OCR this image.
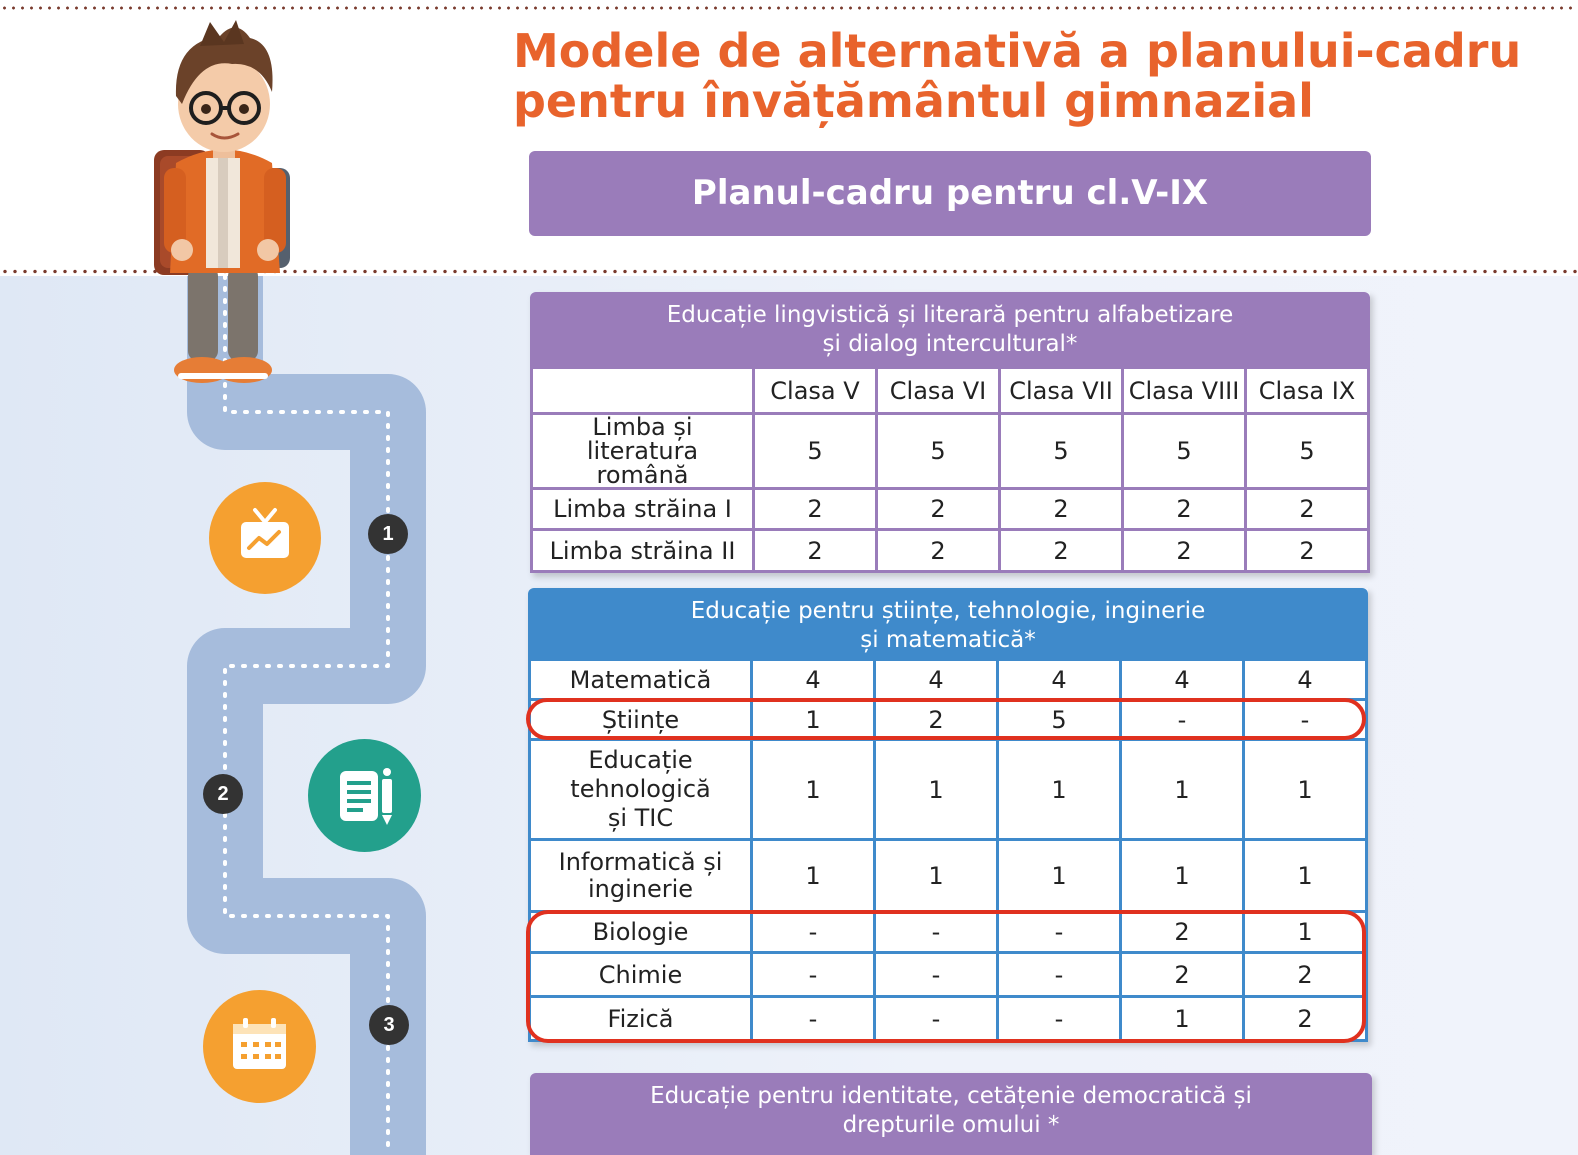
Modele de alternativă a planului-cadru
pentru învățământul gimnazial
Planul-cadru pentru cl.V-IX
1
2
3
Educație lingvistică și literară pentru alfabetizare
și dialog intercultural*
	Clasa V	Clasa VI	Clasa VII	Clasa VIII	Clasa IX

Limba și literatura
română	5	5	5	5	5
Limba străina I	2	2	2	2	2
Limba străina II	2	2	2	2	2
Educație pentru științe, tehnologie, inginerie
și matematică*
Matematică	4	4	4	4	4
Științe	1	2	5	-	-

Educație
tehnologică
și TIC	1	1	1	1	1

Informatică și
inginerie	1	1	1	1	1
Biologie	-	-	-	2	1
Chimie	-	-	-	2	2
Fizică	-	-	-	1	2
Educație pentru identitate, cetățenie democratică și
drepturile omului *
